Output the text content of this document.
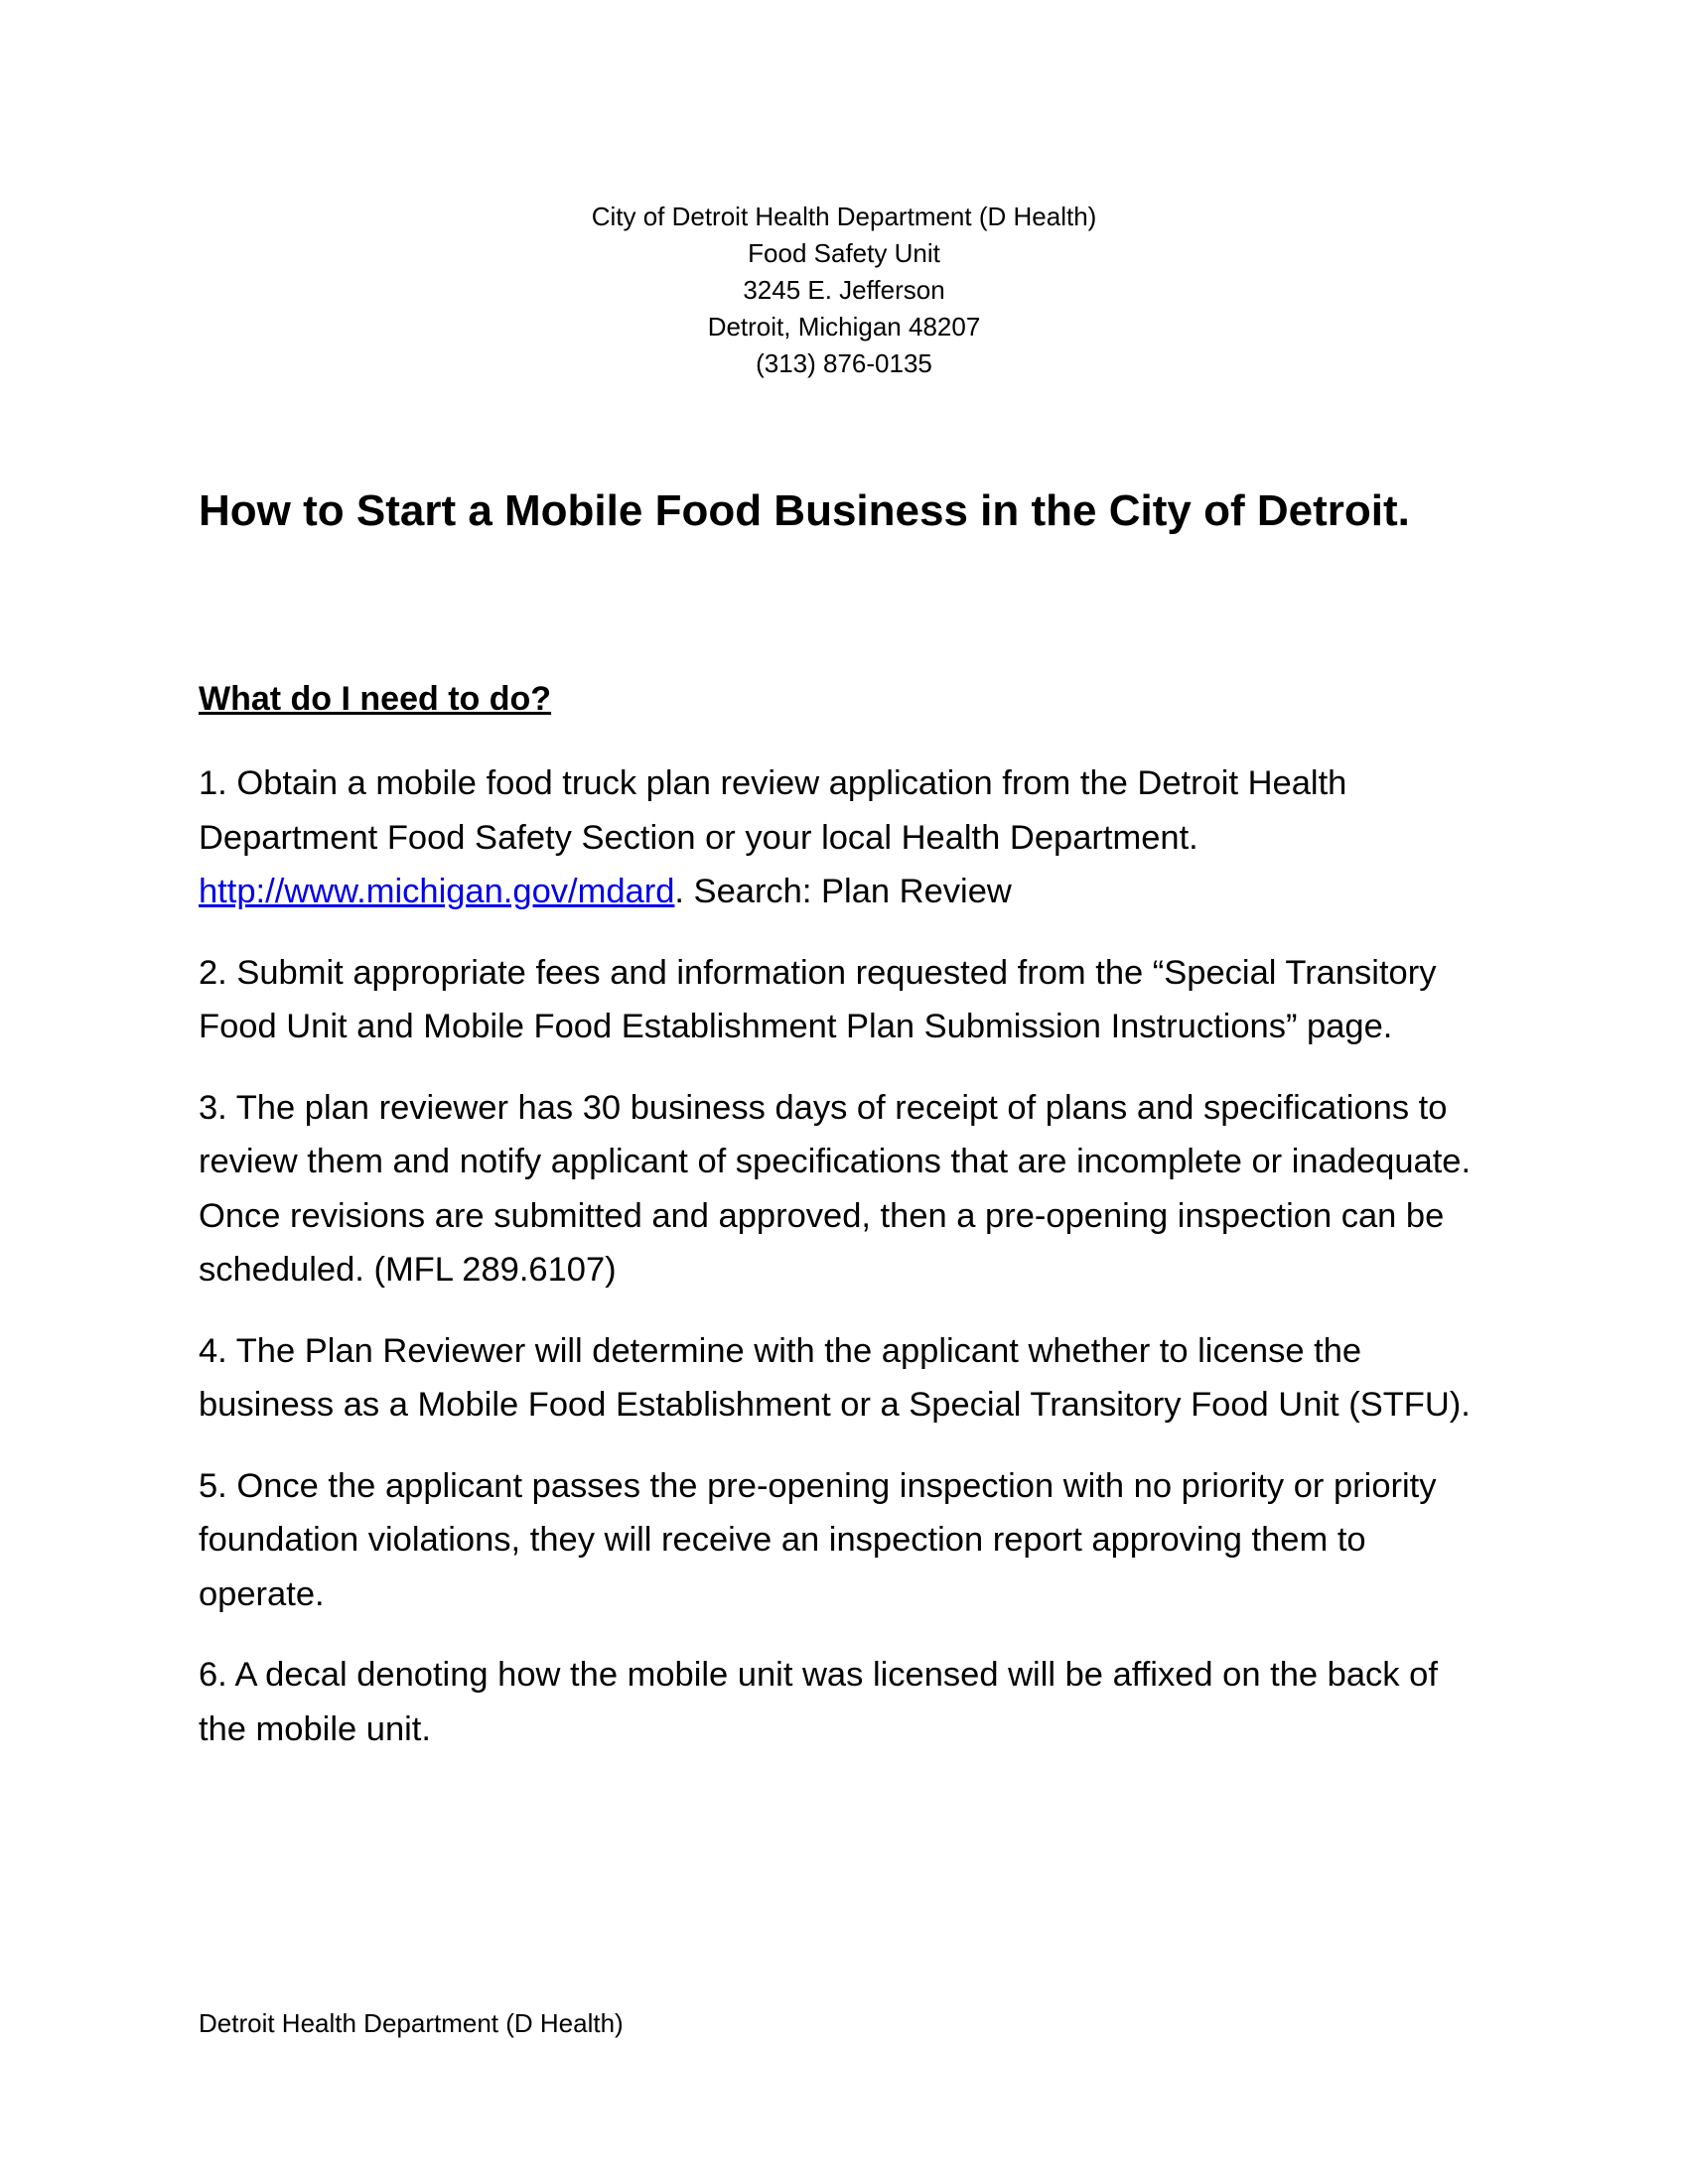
City of Detroit Health Department (D Health)
Food Safety Unit
3245 E. Jefferson
Detroit, Michigan 48207
(313) 876-0135
How to Start a Mobile Food Business in the City of Detroit.
What do I need to do?

1. Obtain a mobile food truck plan review application from the Detroit Health Department Food Safety Section or your local Health Department.
http://www.michigan.gov/mdard. Search: Plan Review

2. Submit appropriate fees and information requested from the “Special Transitory Food Unit and Mobile Food Establishment Plan Submission Instructions” page.

3. The plan reviewer has 30 business days of receipt of plans and specifications to review them and notify applicant of specifications that are incomplete or inadequate. Once revisions are submitted and approved, then a pre-opening inspection can be scheduled. (MFL 289.6107)

4. The Plan Reviewer will determine with the applicant whether to license the business as a Mobile Food Establishment or a Special Transitory Food Unit (STFU).

5. Once the applicant passes the pre-opening inspection with no priority or priority foundation violations, they will receive an inspection report approving them to operate.

6. A decal denoting how the mobile unit was licensed will be affixed on the back of the mobile unit.

Detroit Health Department (D Health)
